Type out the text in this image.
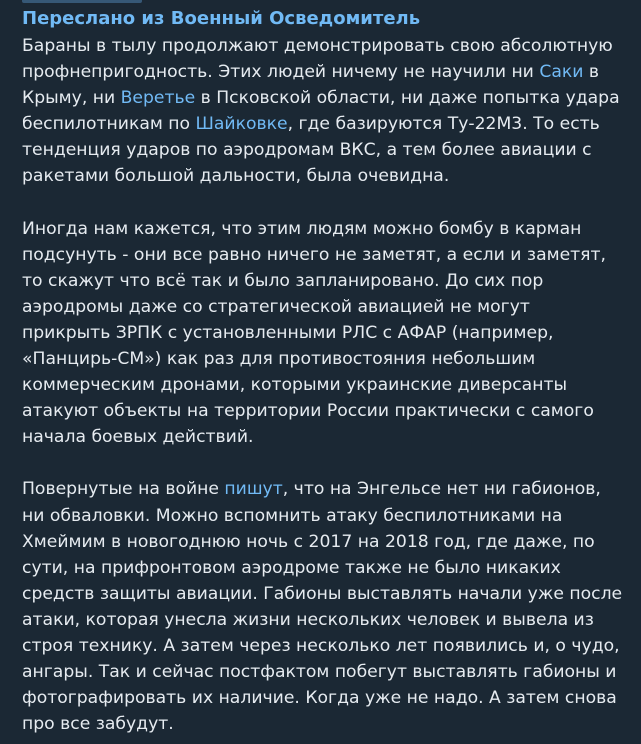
Переслано из Военный Осведомитель

Бараны в тылу продолжают демонстрировать свою абсолютную профнепригодность. Этих людей ничему не научили ни Саки в Крыму, ни Веретье в Псковской области, ни даже попытка удара беспилотникам по Шайковке, где базируются Ту-22М3. То есть тенденция ударов по аэродромам ВКС, а тем более авиации с ракетами большой дальности, была очевидна.

Иногда нам кажется, что этим людям можно бомбу в карман подсунуть - они все равно ничего не заметят, а если и заметят, то скажут что всё так и было запланировано. До сих пор аэродромы даже со стратегической авиацией не могут прикрыть ЗРПК с установленными РЛС с АФАР (например, «Панцирь-СМ») как раз для противостояния небольшим коммерческим дронами, которыми украинские диверсанты атакуют объекты на территории России практически с самого начала боевых действий.

Повернутые на войне пишут, что на Энгельсе нет ни габионов, ни обваловки. Можно вспомнить атаку беспилотниками на Хмеймим в новогоднюю ночь с 2017 на 2018 год, где даже, по сути, на прифронтовом аэродроме также не было никаких средств защиты авиации. Габионы выставлять начали уже после атаки, которая унесла жизни нескольких человек и вывела из строя технику. А затем через несколько лет появились и, о чудо, ангары. Так и сейчас постфактом побегут выставлять габионы и фотографировать их наличие. Когда уже не надо. А затем снова про все забудут.
